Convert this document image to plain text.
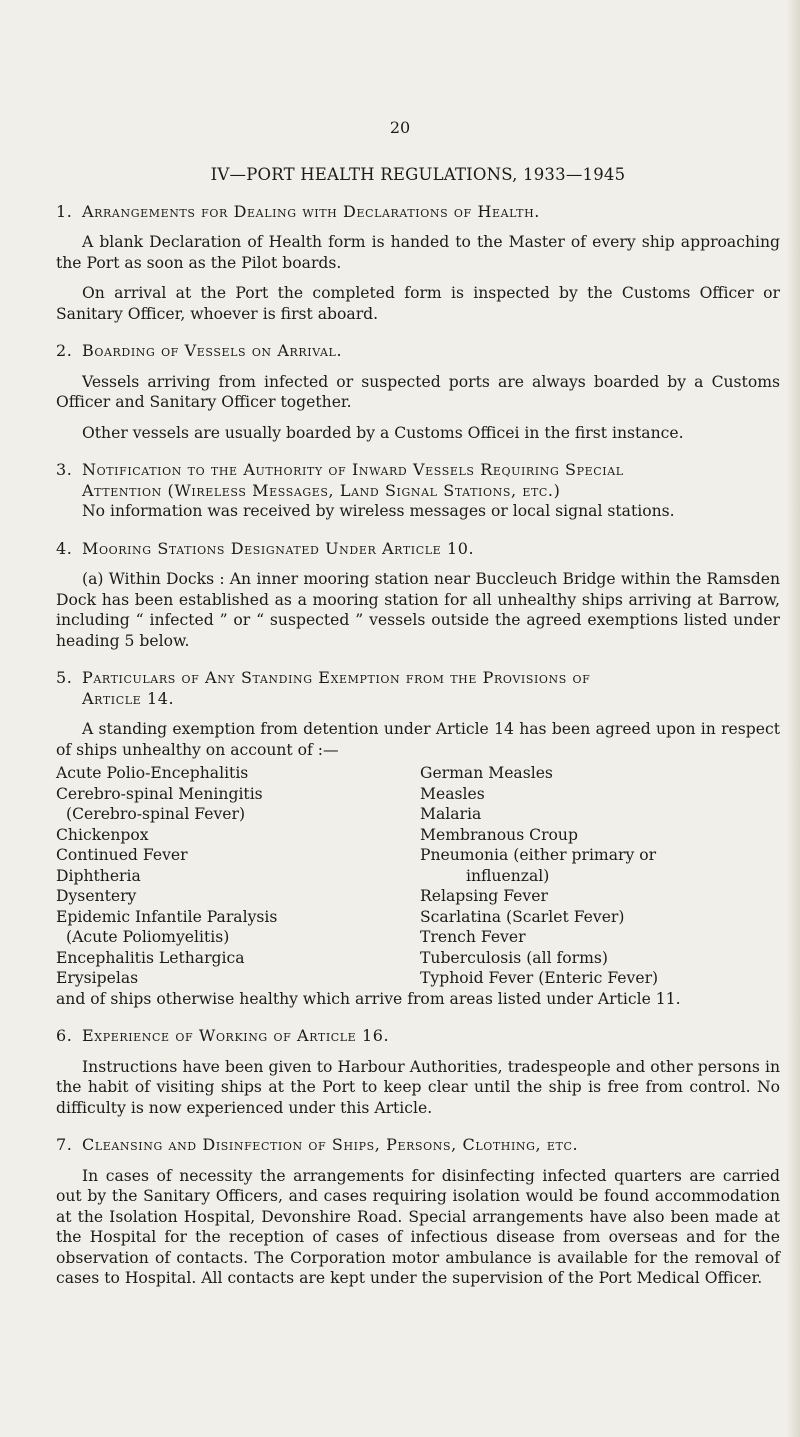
IV—PORT HEALTH REGULATIONS, 1933—1945
1. Arrangements for Dealing with Declarations of Health.

A blank Declaration of Health form is handed to the Master of every ship approaching the Port as soon as the Pilot boards.

On arrival at the Port the completed form is inspected by the Customs Officer or Sanitary Officer, whoever is first aboard.

2. Boarding of Vessels on Arrival.

Vessels arriving from infected or suspected ports are always boarded by a Customs Officer and Sanitary Officer together.

Other vessels are usually boarded by a Customs Officei in the first instance.

3. Notification to the Authority of Inward Vessels Requiring Special
Attention (Wireless Messages, Land Signal Stations, etc.)

No information was received by wireless messages or local signal stations.

4. Mooring Stations Designated Under Article 10.

(a) Within Docks : An inner mooring station near Buccleuch Bridge within the Ramsden Dock has been established as a mooring station for all unhealthy ships arriving at Barrow, including “ infected ” or “ suspected ” vessels outside the agreed exemptions listed under heading 5 below.

5. Particulars of Any Standing Exemption from the Provisions of
Article 14.

A standing exemption from detention under Article 14 has been agreed upon in respect of ships unhealthy on account of :—

Acute Polio-Encephalitis
Cerebro-spinal Meningitis
(Cerebro-spinal Fever)
Chickenpox
Continued Fever
Diphtheria
Dysentery
Epidemic Infantile Paralysis
(Acute Poliomyelitis)
Encephalitis Lethargica
Erysipelas
German Measles
Measles
Malaria
Membranous Croup
Pneumonia (either primary or
influenzal)
Relapsing Fever
Scarlatina (Scarlet Fever)
Trench Fever
Tuberculosis (all forms)
Typhoid Fever (Enteric Fever)

and of ships otherwise healthy which arrive from areas listed under Article 11.

6. Experience of Working of Article 16.

Instructions have been given to Harbour Authorities, tradespeople and other persons in the habit of visiting ships at the Port to keep clear until the ship is free from control. No difficulty is now experienced under this Article.

7. Cleansing and Disinfection of Ships, Persons, Clothing, etc.

In cases of necessity the arrangements for disinfecting infected quarters are carried out by the Sanitary Officers, and cases requiring isolation would be found accommodation at the Isolation Hospital, Devonshire Road. Special arrangements have also been made at the Hospital for the reception of cases of infectious disease from overseas and for the observation of contacts. The Corporation motor ambulance is available for the removal of cases to Hospital. All contacts are kept under the supervision of the Port Medical Officer.

20
